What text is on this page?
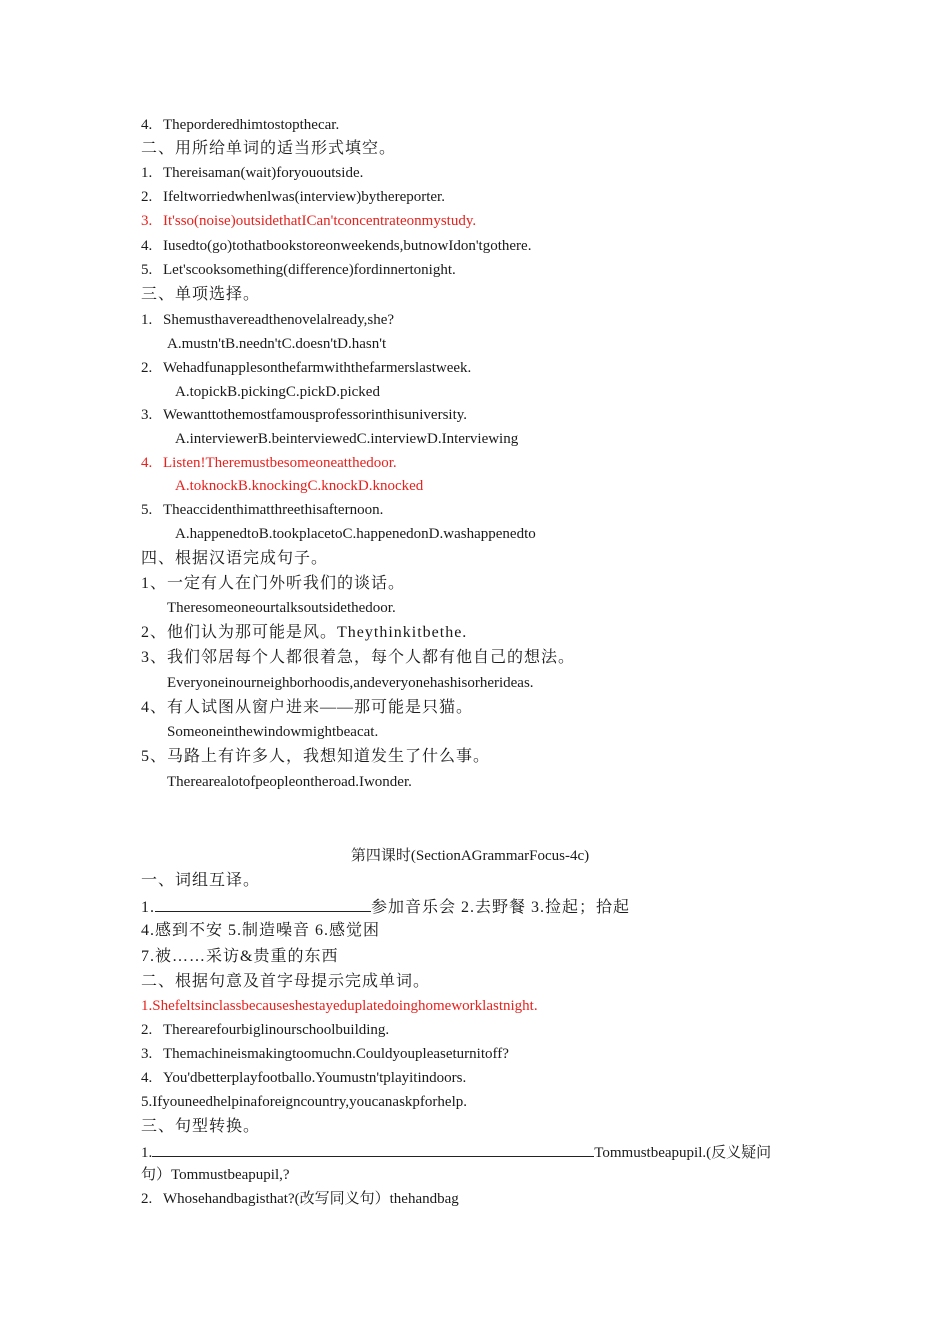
4. Theporderedhimtostopthecar.
二、用所给单词的适当形式填空。
1. Thereisaman(wait)foryououtside.
2. Ifeltworriedwhenlwas(interview)bythereporter.
3. It'sso(noise)outsidethatICan'tconcentrateonmystudy.
4. Iusedto(go)tothatbookstoreonweekends,butnowIdon'tgothere.
5. Let'scooksomething(difference)fordinnertonight.
三、单项选择。
1. Shemusthavereadthenovelalready,she?
A.mustn'tB.needn'tC.doesn'tD.hasn't
2. Wehadfunapplesonthefarmwiththefarmerslastweek.
A.topickB.pickingC.pickD.picked
3. Wewanttothemostfamousprofessorinthisuniversity.
A.interviewerB.beinterviewedC.interviewD.Interviewing
4. Listen!Theremustbesomeoneatthedoor.
A.toknockB.knockingC.knockD.knocked
5. Theaccidenthimatthreethisafternoon.
A.happenedtoB.tookplacetoC.happenedonD.washappenedto
四、根据汉语完成句子。
1、一定有人在门外听我们的谈话。
Theresomeoneourtalksoutsidethedoor.
2、他们认为那可能是风。Theythinkitbethe.
3、我们邻居每个人都很着急，每个人都有他自己的想法。
Everyoneinourneighborhoodis,andeveryonehashisorherideas.
4、有人试图从窗户进来——那可能是只猫。
Someoneinthewindowmightbeacat.
5、马路上有许多人，我想知道发生了什么事。
Therearealotofpeopleontheroad.Iwonder.
第四课时(SectionAGrammarFocus-4c)
一、词组互译。
1.	参加音乐会 2.去野餐 3.捡起；拾起
4.感到不安 5.制造噪音 6.感觉困
7.被……采访&贵重的东西
二、根据句意及首字母提示完成单词。
1.Shefeltsinclassbecauseshestayeduplatedoinghomeworklastnight.
2. Therearefourbiglinourschoolbuilding.
3. Themachineismakingtoomuchn.Couldyoupleaseturnitoff?
4. You'dbetterplayfootballo.Youmustn'tplayitindoors.
5.Ifyouneedhelpinaforeigncountry,youcanaskpforhelp.
三、句型转换。
1.	Tommustbeapupil.(反义疑问句）Tommustbeapupil,?
2. Whosehandbagisthat?(改写同义句）thehandbag
